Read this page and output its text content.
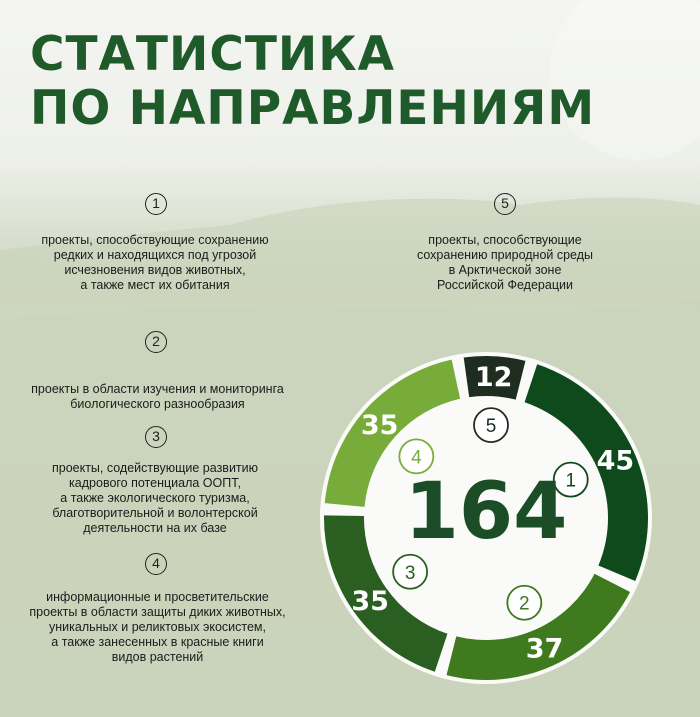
СТАТИСТИКА
ПО НАПРАВЛЕНИЯМ
1
проекты, способствующие сохранению
редких и находящихся под угрозой
исчезновения видов животных,
а также мест их обитания
5
проекты, способствующие
сохранению природной среды
в Арктической зоне
Российской Федерации
2
проекты в области изучения и мониторинга
биологического разнообразия
3
проекты, содействующие развитию
кадрового потенциала ООПТ,
а также экологического туризма,
благотворительной и волонтерской
деятельности на их базе
4
информационные и просветительские
проекты в области защиты диких животных,
уникальных и реликтовых экосистем,
а также занесенных в красные книги
видов растений
12
45
37
35
35	5
1
2
3
4
164
